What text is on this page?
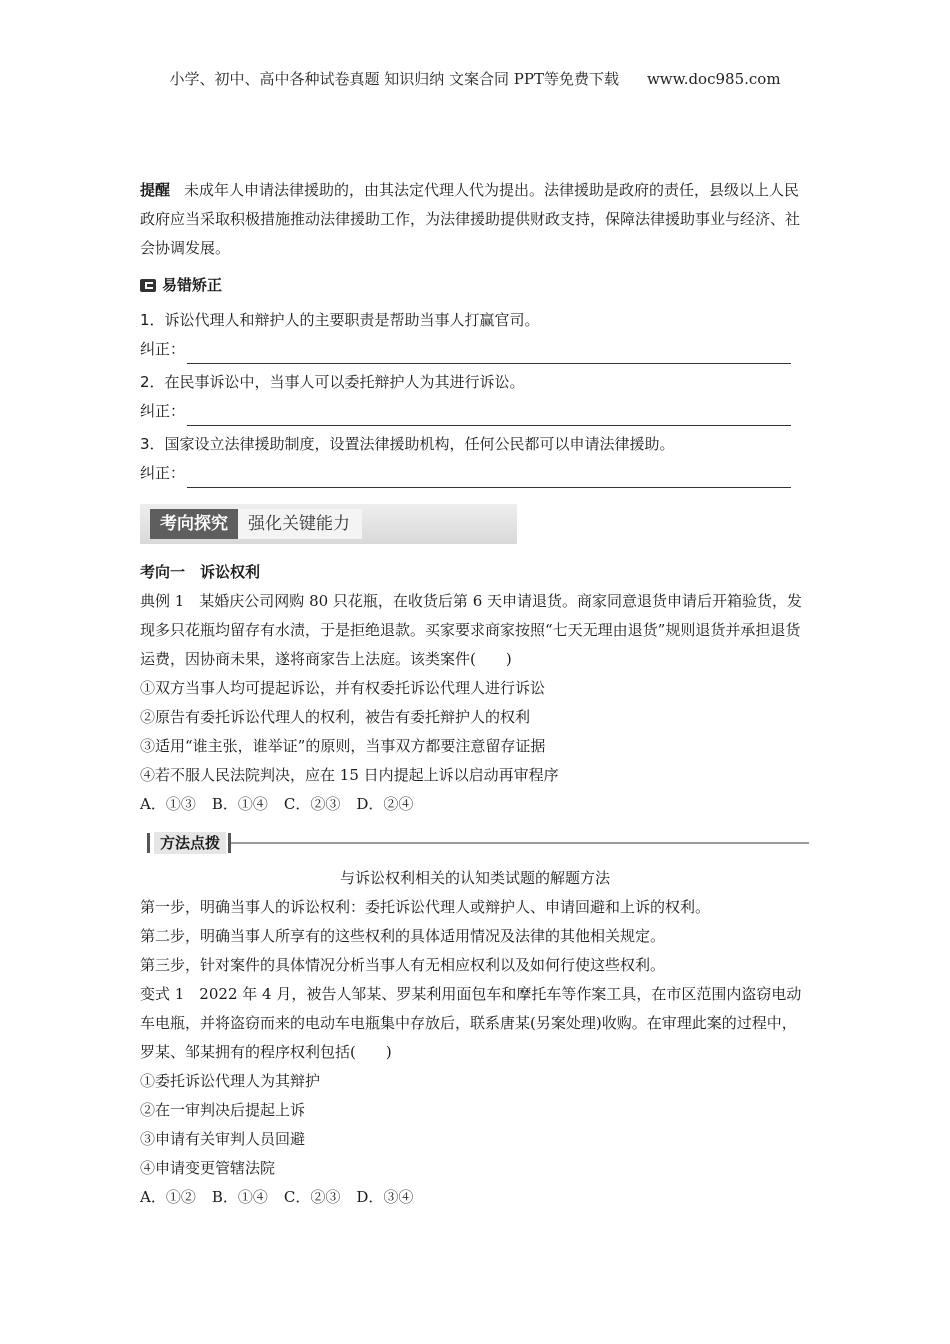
小学、初中、高中各种试卷真题 知识归纳 文案合同 PPT等免费下载 www.doc985.com
提醒 未成年人申请法律援助的，由其法定代理人代为提出。法律援助是政府的责任，县级以上人民政府应当采取积极措施推动法律援助工作，为法律援助提供财政支持，保障法律援助事业与经济、社会协调发展。
易错矫正
1．诉讼代理人和辩护人的主要职责是帮助当事人打赢官司。
纠正：
2．在民事诉讼中，当事人可以委托辩护人为其进行诉讼。
纠正：
3．国家设立法律援助制度，设置法律援助机构，任何公民都可以申请法律援助。
纠正：
考向探究	强化关键能力
考向一　诉讼权利
典例 1　某婚庆公司网购 80 只花瓶，在收货后第 6 天申请退货。商家同意退货申请后开箱验货，发现多只花瓶均留存有水渍，于是拒绝退款。买家要求商家按照“七天无理由退货”规则退货并承担退货运费，因协商未果，遂将商家告上法庭。该类案件(　　)
①双方当事人均可提起诉讼，并有权委托诉讼代理人进行诉讼
②原告有委托诉讼代理人的权利，被告有委托辩护人的权利
③适用“谁主张，谁举证”的原则，当事双方都要注意留存证据
④若不服人民法院判决，应在 15 日内提起上诉以启动再审程序
A．①③ B．①④ C．②③ D．②④
方法点拨
与诉讼权利相关的认知类试题的解题方法
第一步，明确当事人的诉讼权利：委托诉讼代理人或辩护人、申请回避和上诉的权利。
第二步，明确当事人所享有的这些权利的具体适用情况及法律的其他相关规定。
第三步，针对案件的具体情况分析当事人有无相应权利以及如何行使这些权利。
变式 1　2022 年 4 月，被告人邹某、罗某利用面包车和摩托车等作案工具，在市区范围内盗窃电动车电瓶，并将盗窃而来的电动车电瓶集中存放后，联系唐某(另案处理)收购。在审理此案的过程中，罗某、邹某拥有的程序权利包括(　　)
①委托诉讼代理人为其辩护
②在一审判决后提起上诉
③申请有关审判人员回避
④申请变更管辖法院
A．①② B．①④ C．②③ D．③④
